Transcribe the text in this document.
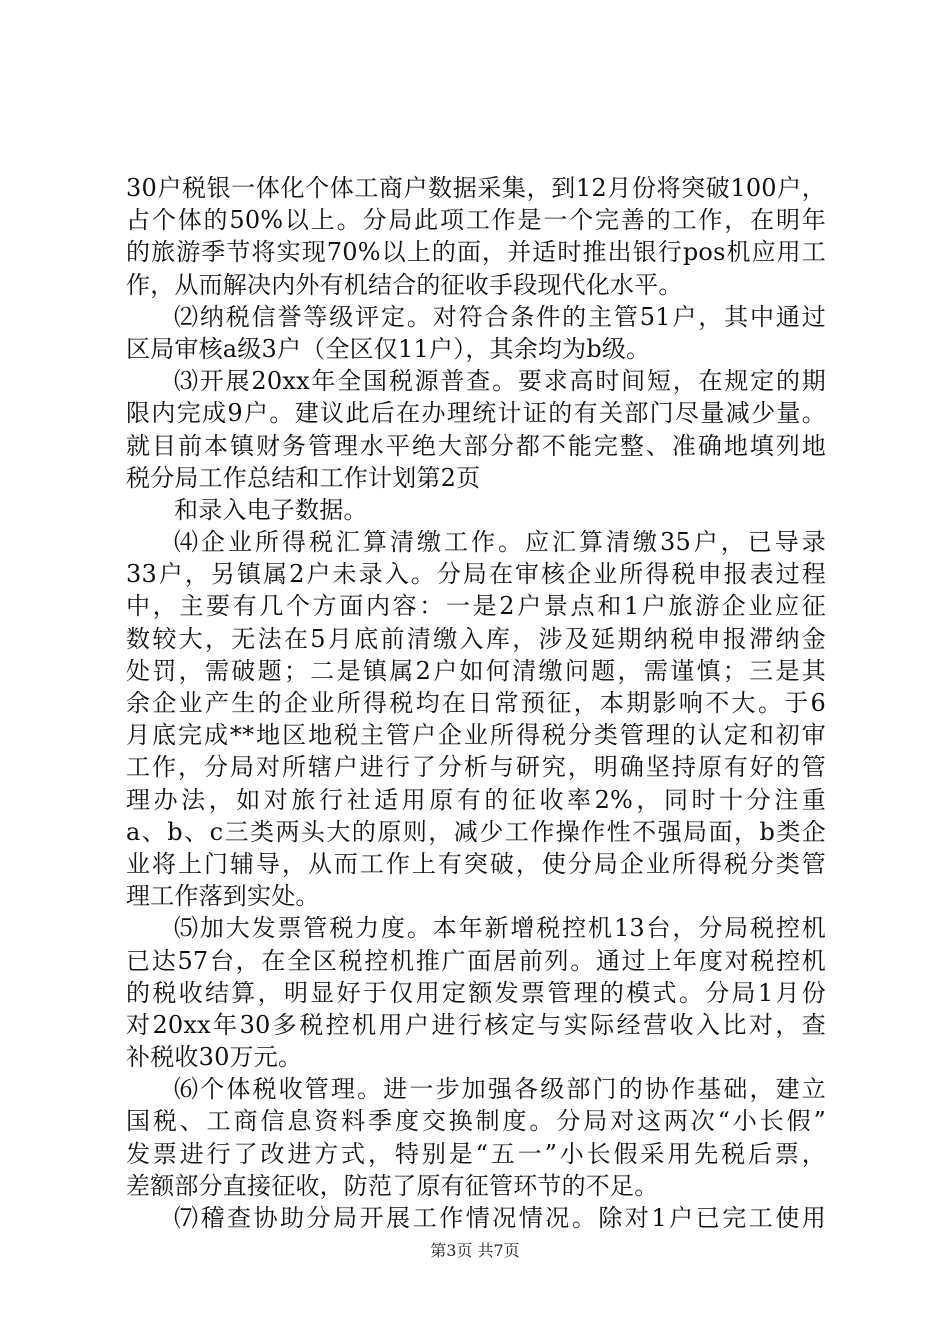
30户税银一体化个体工商户数据采集，到12月份将突破100户，
占个体的50%以上。分局此项工作是一个完善的工作，在明年
的旅游季节将实现70%以上的面，并适时推出银行pos机应用工
作，从而解决内外有机结合的征收手段现代化水平。
⑵纳税信誉等级评定。对符合条件的主管51户，其中通过
区局审核a级3户（全区仅11户），其余均为b级。
⑶开展20xx年全国税源普查。要求高时间短，在规定的期
限内完成9户。建议此后在办理统计证的有关部门尽量减少量。
就目前本镇财务管理水平绝大部分都不能完整、准确地填列地
税分局工作总结和工作计划第2页
和录入电子数据。
⑷企业所得税汇算清缴工作。应汇算清缴35户，已导录
33户，另镇属2户未录入。分局在审核企业所得税申报表过程
中，主要有几个方面内容：一是2户景点和1户旅游企业应征
数较大，无法在5月底前清缴入库，涉及延期纳税申报滞纳金
处罚，需破题；二是镇属2户如何清缴问题，需谨慎；三是其
余企业产生的企业所得税均在日常预征，本期影响不大。于6
月底完成**地区地税主管户企业所得税分类管理的认定和初审
工作，分局对所辖户进行了分析与研究，明确坚持原有好的管
理办法，如对旅行社适用原有的征收率2%，同时十分注重
a、b、c三类两头大的原则，减少工作操作性不强局面，b类企
业将上门辅导，从而工作上有突破，使分局企业所得税分类管
理工作落到实处。
⑸加大发票管税力度。本年新增税控机13台，分局税控机
已达57台，在全区税控机推广面居前列。通过上年度对税控机
的税收结算，明显好于仅用定额发票管理的模式。分局1月份
对20xx年30多税控机用户进行核定与实际经营收入比对，查
补税收30万元。
⑹个体税收管理。进一步加强各级部门的协作基础，建立
国税、工商信息资料季度交换制度。分局对这两次“小长假”
发票进行了改进方式，特别是“五一”小长假采用先税后票，
差额部分直接征收，防范了原有征管环节的不足。
⑺稽查协助分局开展工作情况情况。除对1户已完工使用
第3页 共7页
